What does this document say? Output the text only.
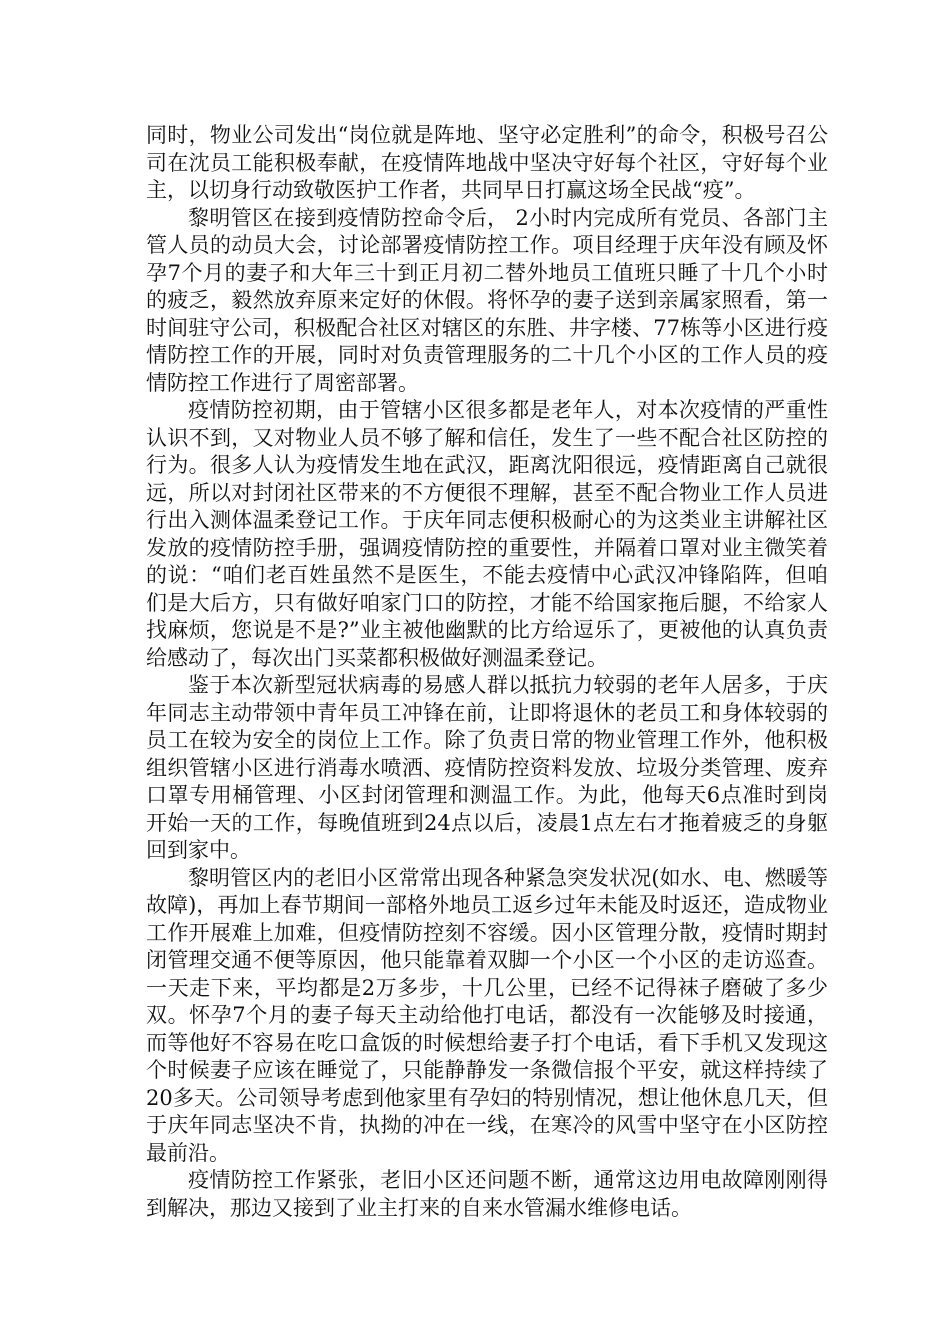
同时，物业公司发出“岗位就是阵地、坚守必定胜利”的命令，积极号召公司在沈员工能积极奉献，在疫情阵地战中坚决守好每个社区，守好每个业主，以切身行动致敬医护工作者，共同早日打赢这场全民战“疫”。

黎明管区在接到疫情防控命令后， 2小时内完成所有党员、各部门主管人员的动员大会，讨论部署疫情防控工作。项目经理于庆年没有顾及怀孕7个月的妻子和大年三十到正月初二替外地员工值班只睡了十几个小时的疲乏，毅然放弃原来定好的休假。将怀孕的妻子送到亲属家照看，第一时间驻守公司，积极配合社区对辖区的东胜、井字楼、77栋等小区进行疫情防控工作的开展，同时对负责管理服务的二十几个小区的工作人员的疫情防控工作进行了周密部署。

疫情防控初期，由于管辖小区很多都是老年人，对本次疫情的严重性认识不到，又对物业人员不够了解和信任，发生了一些不配合社区防控的行为。很多人认为疫情发生地在武汉，距离沈阳很远，疫情距离自己就很远，所以对封闭社区带来的不方便很不理解，甚至不配合物业工作人员进行出入测体温柔登记工作。于庆年同志便积极耐心的为这类业主讲解社区发放的疫情防控手册，强调疫情防控的重要性，并隔着口罩对业主微笑着的说：“咱们老百姓虽然不是医生，不能去疫情中心武汉冲锋陷阵，但咱们是大后方，只有做好咱家门口的防控，才能不给国家拖后腿，不给家人找麻烦，您说是不是?”业主被他幽默的比方给逗乐了，更被他的认真负责给感动了，每次出门买菜都积极做好测温柔登记。

鉴于本次新型冠状病毒的易感人群以抵抗力较弱的老年人居多，于庆年同志主动带领中青年员工冲锋在前，让即将退休的老员工和身体较弱的员工在较为安全的岗位上工作。除了负责日常的物业管理工作外，他积极组织管辖小区进行消毒水喷洒、疫情防控资料发放、垃圾分类管理、废弃口罩专用桶管理、小区封闭管理和测温工作。为此，他每天6点准时到岗开始一天的工作，每晚值班到24点以后，凌晨1点左右才拖着疲乏的身躯回到家中。

黎明管区内的老旧小区常常出现各种紧急突发状况(如水、电、燃暖等故障)，再加上春节期间一部格外地员工返乡过年未能及时返还，造成物业工作开展难上加难，但疫情防控刻不容缓。因小区管理分散，疫情时期封闭管理交通不便等原因，他只能靠着双脚一个小区一个小区的走访巡查。一天走下来，平均都是2万多步，十几公里，已经不记得袜子磨破了多少双。怀孕7个月的妻子每天主动给他打电话，都没有一次能够及时接通，而等他好不容易在吃口盒饭的时候想给妻子打个电话，看下手机又发现这个时候妻子应该在睡觉了，只能静静发一条微信报个平安，就这样持续了20多天。公司领导考虑到他家里有孕妇的特别情况，想让他休息几天，但于庆年同志坚决不肯，执拗的冲在一线，在寒冷的风雪中坚守在小区防控最前沿。

疫情防控工作紧张，老旧小区还问题不断，通常这边用电故障刚刚得到解决，那边又接到了业主打来的自来水管漏水维修电话。
